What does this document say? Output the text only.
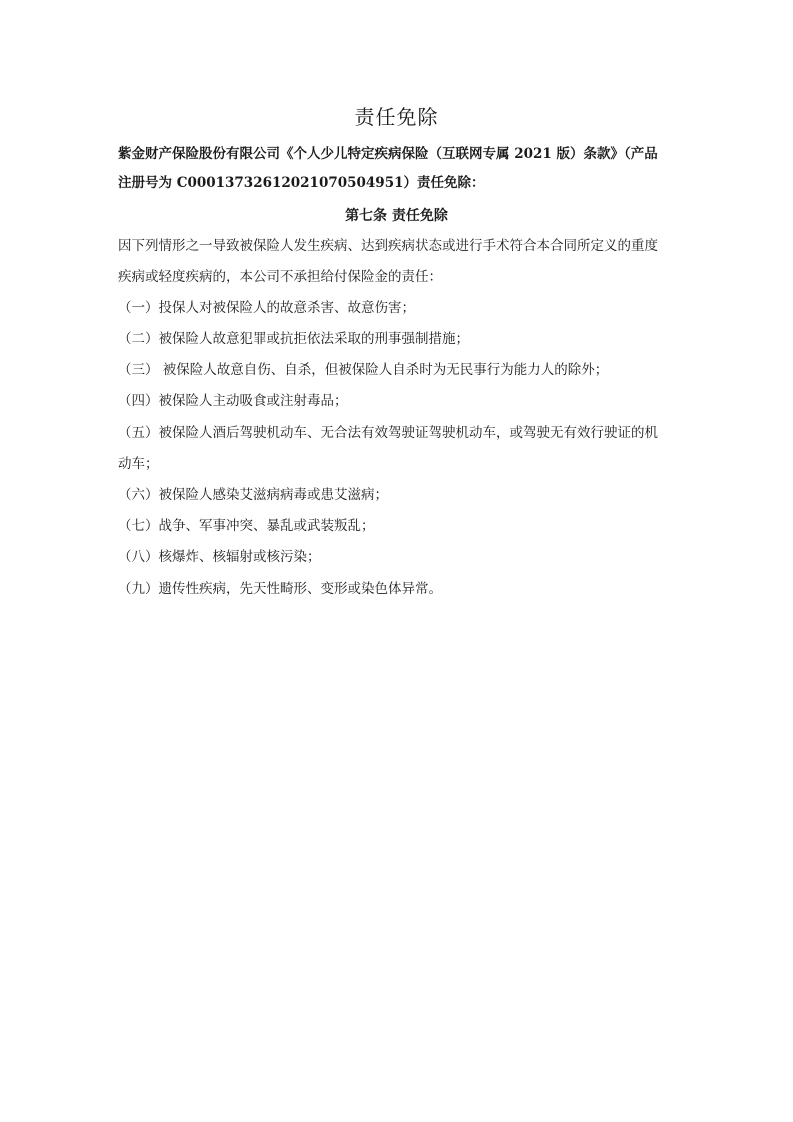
责任免除
紫金财产保险股份有限公司《个人少儿特定疾病保险（互联网专属 2021 版）条款》（产品
注册号为 C00013732612021070504951）责任免除：
第七条 责任免除
因下列情形之一导致被保险人发生疾病、达到疾病状态或进行手术符合本合同所定义的重度
疾病或轻度疾病的，本公司不承担给付保险金的责任：
（一）投保人对被保险人的故意杀害、故意伤害；
（二）被保险人故意犯罪或抗拒依法采取的刑事强制措施；
（三） 被保险人故意自伤、自杀，但被保险人自杀时为无民事行为能力人的除外；
（四）被保险人主动吸食或注射毒品；
（五）被保险人酒后驾驶机动车、无合法有效驾驶证驾驶机动车，或驾驶无有效行驶证的机
动车；
（六）被保险人感染艾滋病病毒或患艾滋病；
（七）战争、军事冲突、暴乱或武装叛乱；
（八）核爆炸、核辐射或核污染；
（九）遗传性疾病，先天性畸形、变形或染色体异常。
